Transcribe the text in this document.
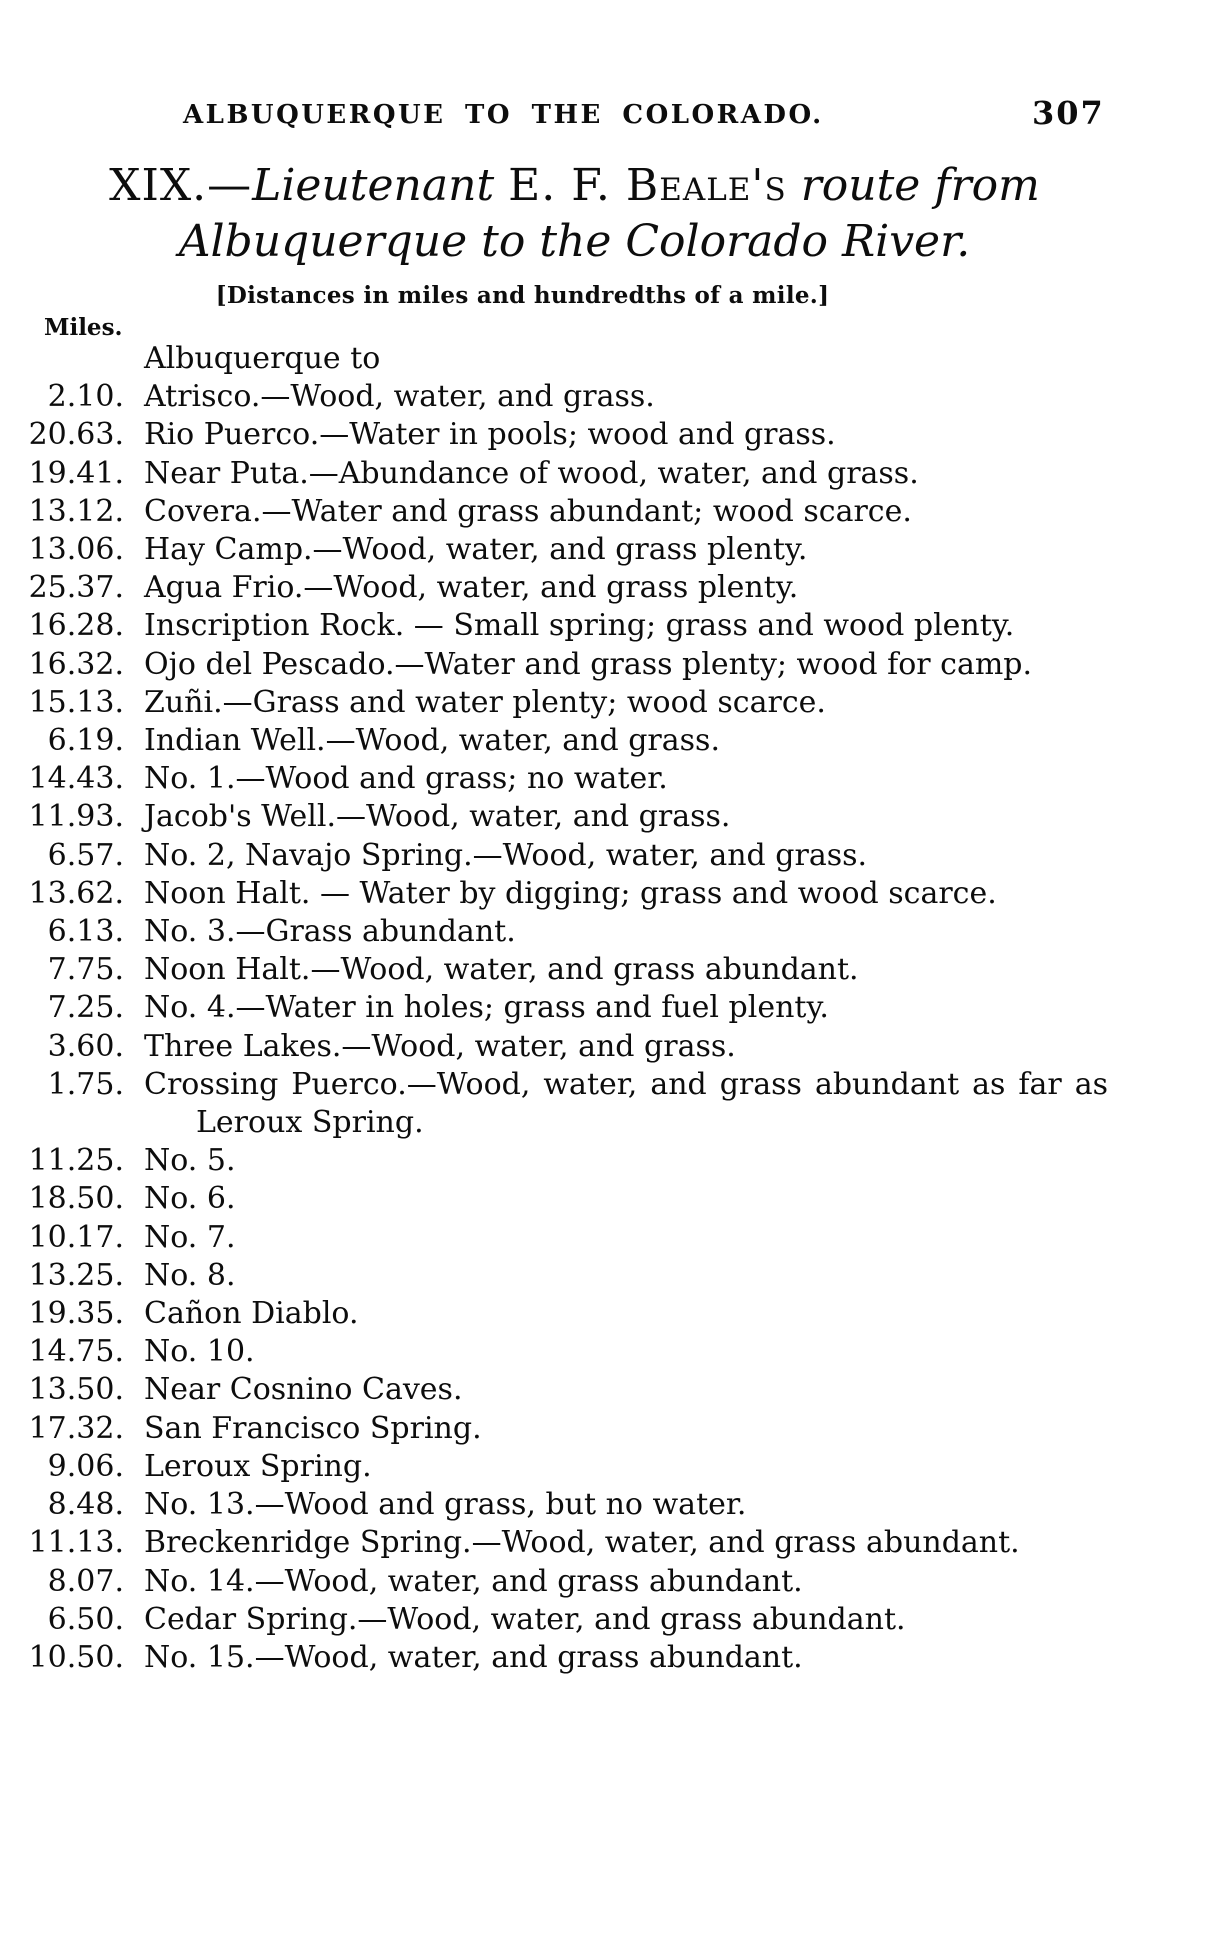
ALBUQUERQUE TO THE COLORADO.	307
XIX.—Lieutenant E. F. Beale's route from Albuquerque to the Colorado River.
[Distances in miles and hundredths of a mile.]
Miles.
Albuquerque to
2.10. Atrisco.—Wood, water, and grass.
20.63. Rio Puerco.—Water in pools; wood and grass.
19.41. Near Puta.—Abundance of wood, water, and grass.
13.12. Covera.—Water and grass abundant; wood scarce.
13.06. Hay Camp.—Wood, water, and grass plenty.
25.37. Agua Frio.—Wood, water, and grass plenty.
16.28. Inscription Rock. — Small spring; grass and wood plenty.
16.32. Ojo del Pescado.—Water and grass plenty; wood for camp.
15.13. Zuñi.—Grass and water plenty; wood scarce.
6.19. Indian Well.—Wood, water, and grass.
14.43. No. 1.—Wood and grass; no water.
11.93. Jacob's Well.—Wood, water, and grass.
6.57. No. 2, Navajo Spring.—Wood, water, and grass.
13.62. Noon Halt. — Water by digging; grass and wood scarce.
6.13. No. 3.—Grass abundant.
7.75. Noon Halt.—Wood, water, and grass abundant.
7.25. No. 4.—Water in holes; grass and fuel plenty.
3.60. Three Lakes.—Wood, water, and grass.
1.75. Crossing Puerco.—Wood, water, and grass abundant as far as Leroux Spring.
11.25. No. 5.
18.50. No. 6.
10.17. No. 7.
13.25. No. 8.
19.35. Cañon Diablo.
14.75. No. 10.
13.50. Near Cosnino Caves.
17.32. San Francisco Spring.
9.06. Leroux Spring.
8.48. No. 13.—Wood and grass, but no water.
11.13. Breckenridge Spring.—Wood, water, and grass abundant.
8.07. No. 14.—Wood, water, and grass abundant.
6.50. Cedar Spring.—Wood, water, and grass abundant.
10.50. No. 15.—Wood, water, and grass abundant.
